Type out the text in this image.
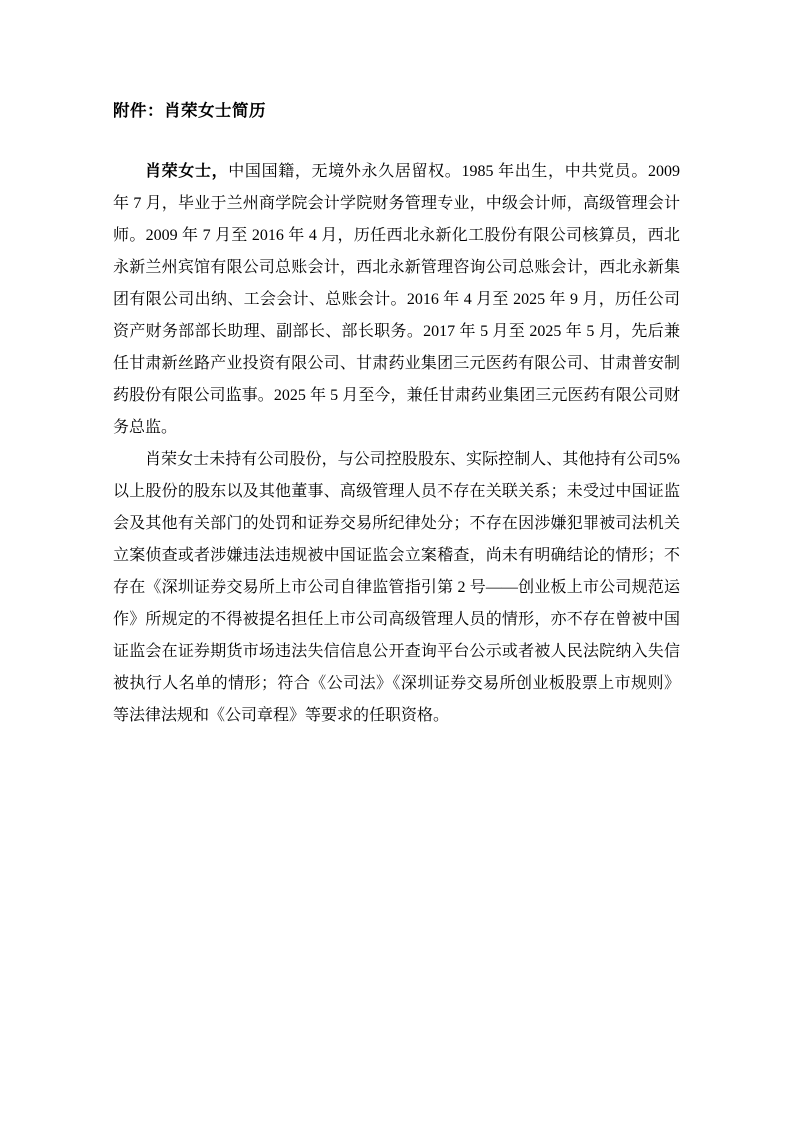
附件：肖荣女士简历

肖荣女士，中国国籍，无境外永久居留权。1985 年出生，中共党员。2009 年 7 月，毕业于兰州商学院会计学院财务管理专业，中级会计师，高级管理会计师。2009 年 7 月至 2016 年 4 月，历任西北永新化工股份有限公司核算员，西北永新兰州宾馆有限公司总账会计，西北永新管理咨询公司总账会计，西北永新集团有限公司出纳、工会会计、总账会计。2016 年 4 月至 2025 年 9 月，历任公司资产财务部部长助理、副部长、部长职务。2017 年 5 月至 2025 年 5 月，先后兼任甘肃新丝路产业投资有限公司、甘肃药业集团三元医药有限公司、甘肃普安制药股份有限公司监事。2025 年 5 月至今，兼任甘肃药业集团三元医药有限公司财务总监。

肖荣女士未持有公司股份，与公司控股股东、实际控制人、其他持有公司5%以上股份的股东以及其他董事、高级管理人员不存在关联关系；未受过中国证监会及其他有关部门的处罚和证券交易所纪律处分；不存在因涉嫌犯罪被司法机关立案侦查或者涉嫌违法违规被中国证监会立案稽查，尚未有明确结论的情形；不存在《深圳证券交易所上市公司自律监管指引第 2 号——创业板上市公司规范运作》所规定的不得被提名担任上市公司高级管理人员的情形，亦不存在曾被中国证监会在证券期货市场违法失信信息公开查询平台公示或者被人民法院纳入失信被执行人名单的情形；符合《公司法》《深圳证券交易所创业板股票上市规则》等法律法规和《公司章程》等要求的任职资格。
